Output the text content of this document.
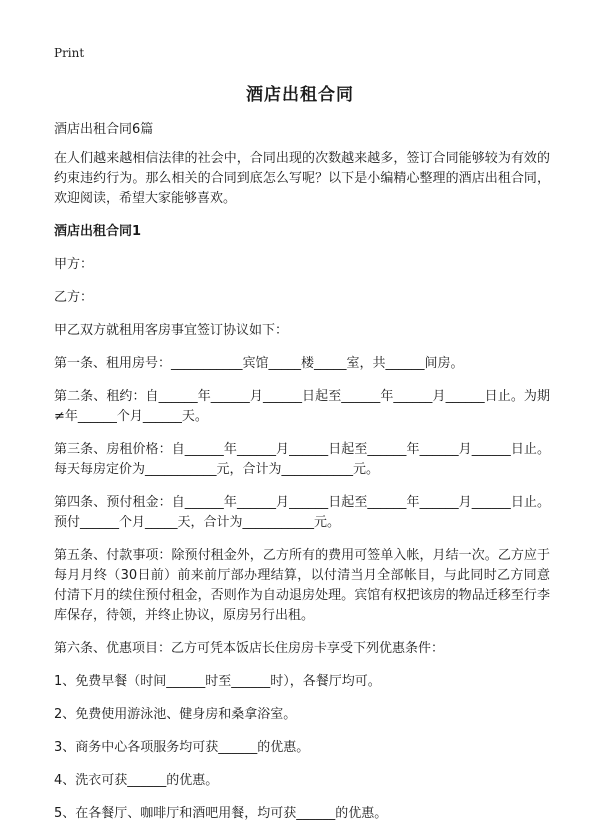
Print
酒店出租合同

酒店出租合同6篇

在人们越来越相信法律的社会中，合同出现的次数越来越多，签订合同能够较为有效的约束违约行为。那么相关的合同到底怎么写呢？以下是小编精心整理的酒店出租合同，欢迎阅读，希望大家能够喜欢。

酒店出租合同1

甲方：

乙方：

甲乙双方就租用客房事宜签订协议如下：

第一条、租用房号：___________宾馆_____楼_____室，共______间房。

第二条、租约：自______年______月______日起至______年______月______日止。为期≠年______个月______天。

第三条、房租价格：自______年______月______日起至______年______月______日止。每天每房定价为___________元，合计为___________元。

第四条、预付租金：自______年______月______日起至______年______月______日止。预付______个月_____天，合计为___________元。

第五条、付款事项：除预付租金外，乙方所有的费用可签单入帐，月结一次。乙方应于每月月终（30日前）前来前厅部办理结算，以付清当月全部帐目，与此同时乙方同意付清下月的续住预付租金，否则作为自动退房处理。宾馆有权把该房的物品迁移至行李库保存，待领，并终止协议，原房另行出租。

第六条、优惠项目：乙方可凭本饭店长住房房卡享受下列优惠条件：

1、免费早餐（时间______时至______时），各餐厅均可。

2、免费使用游泳池、健身房和桑拿浴室。

3、商务中心各项服务均可获______的优惠。

4、洗衣可获______的优惠。

5、在各餐厅、咖啡厅和酒吧用餐，均可获______的优惠。
